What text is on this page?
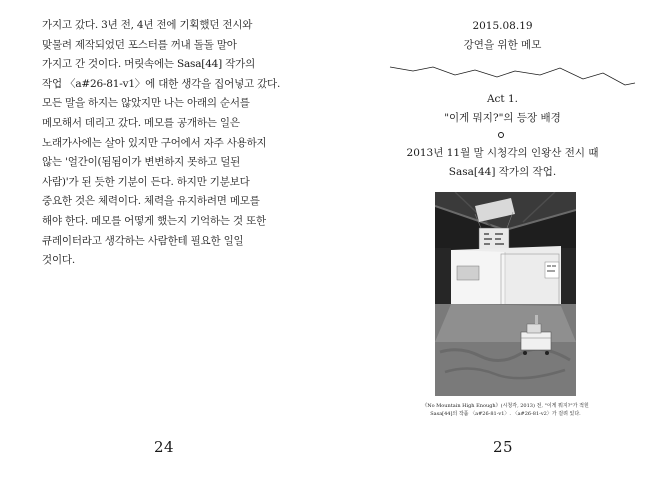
가지고 갔다. 3년 전, 4년 전에 기획했던 전시와
맞물려 제작되었던 포스터를 꺼내 돌돌 말아
가지고 간 것이다. 머릿속에는 Sasa[44] 작가의
작업 〈a#26-81-v1〉에 대한 생각을 집어넣고 갔다.
모든 말을 하지는 않았지만 나는 아래의 순서를
메모해서 데리고 갔다. 메모를 공개하는 일은
노래가사에는 살아 있지만 구어에서 자주 사용하지
않는 '얼간이(됨됨이가 변변하지 못하고 덜된
사람)'가 된 듯한 기분이 든다. 하지만 기분보다
중요한 것은 체력이다. 체력을 유지하려면 메모를
해야 한다. 메모를 어떻게 했는지 기억하는 것 또한
큐레이터라고 생각하는 사람한테 필요한 일일
것이다.
24
2015.08.19
강연을 위한 메모
Act 1.
"이게 뭐지?"의 등장 배경
2013년 11월 말 시청각의 인왕산 전시 때
Sasa[44] 작가의 작업.
《No Mountain High Enough》(시청각, 2013) 전, "이게 뭐지?"가 적힌
Sasa[44]의 작품 〈a#26-81-v1〉. 〈a#26-81-v2〉가 걸려 있다.
25
